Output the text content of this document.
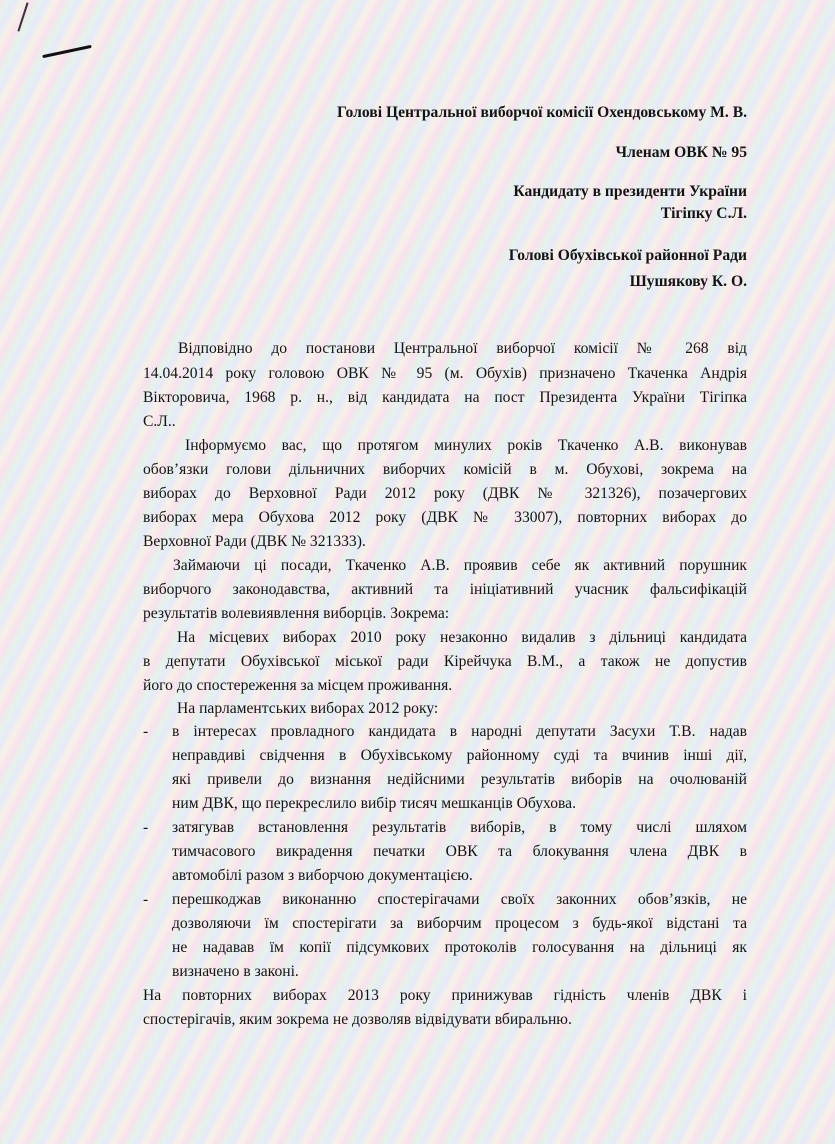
Голові Центральної виборчої комісії Охендовському М. В.
Членам ОВК № 95
Кандидату в президенти України
Тігіпку С.Л.
Голові Обухівської районної Ради
Шушякову К. О.
Відповідно до постанови Центральної виборчої комісії № 268 від
14.04.2014 року головою ОВК № 95 (м. Обухів) призначено Ткаченка Андрія
Вікторовича, 1968 р. н., від кандидата на пост Президента України Тігіпка
С.Л..
Інформуємо вас, що протягом минулих років Ткаченко А.В. виконував
обов’язки голови дільничних виборчих комісій в м. Обухові, зокрема на
виборах до Верховної Ради 2012 року (ДВК № 321326), позачергових
виборах мера Обухова 2012 року (ДВК № 33007), повторних виборах до
Верховної Ради (ДВК № 321333).
Займаючи ці посади, Ткаченко А.В. проявив себе як активний порушник
виборчого законодавства, активний та ініціативний учасник фальсифікацій
результатів волевиявлення виборців. Зокрема:
На місцевих виборах 2010 року незаконно видалив з дільниці кандидата
в депутати Обухівської міської ради Кірейчука В.М., а також не допустив
його до спостереження за місцем проживання.
На парламентських виборах 2012 року:
- в інтересах провладного кандидата в народні депутати Засухи Т.В. надав
неправдиві свідчення в Обухівському районному суді та вчинив інші дії,
які привели до визнання недійсними результатів виборів на очолюваній
ним ДВК, що перекреслило вибір тисяч мешканців Обухова.
- затягував встановлення результатів виборів, в тому числі шляхом
тимчасового викрадення печатки ОВК та блокування члена ДВК в
автомобілі разом з виборчою документацією.
- перешкоджав виконанню спостерігачами своїх законних обов’язків, не
дозволяючи їм спостерігати за виборчим процесом з будь-якої відстані та
не надавав їм копії підсумкових протоколів голосування на дільниці як
визначено в законі.
На повторних виборах 2013 року принижував гідність членів ДВК і
спостерігачів, яким зокрема не дозволяв відвідувати вбиральню.
